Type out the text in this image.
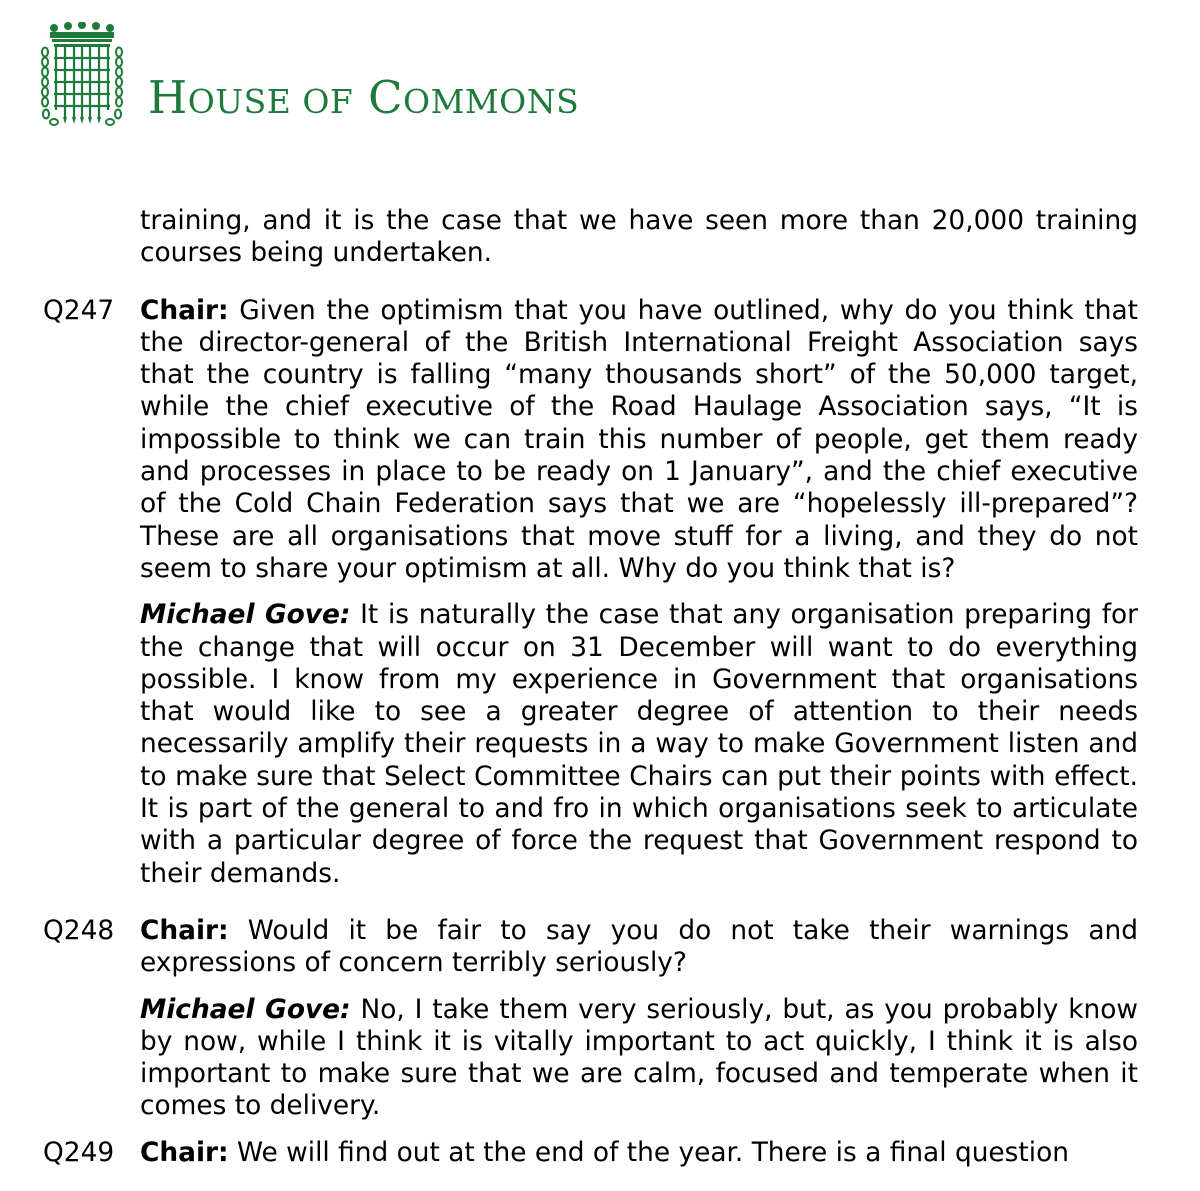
HOUSE OF COMMONS

training, and it is the case that we have seen more than 20,000 training courses being undertaken.

Q247 Chair: Given the optimism that you have outlined, why do you think that the director-general of the British International Freight Association says that the country is falling “many thousands short” of the 50,000 target, while the chief executive of the Road Haulage Association says, “It is impossible to think we can train this number of people, get them ready and processes in place to be ready on 1 January”, and the chief executive of the Cold Chain Federation says that we are “hopelessly ill-prepared”? These are all organisations that move stuff for a living, and they do not seem to share your optimism at all. Why do you think that is?

Michael Gove: It is naturally the case that any organisation preparing for the change that will occur on 31 December will want to do everything possible. I know from my experience in Government that organisations that would like to see a greater degree of attention to their needs necessarily amplify their requests in a way to make Government listen and to make sure that Select Committee Chairs can put their points with effect. It is part of the general to and fro in which organisations seek to articulate with a particular degree of force the request that Government respond to their demands.

Q248 Chair: Would it be fair to say you do not take their warnings and expressions of concern terribly seriously?

Michael Gove: No, I take them very seriously, but, as you probably know by now, while I think it is vitally important to act quickly, I think it is also important to make sure that we are calm, focused and temperate when it comes to delivery.

Q249 Chair: We will find out at the end of the year. There is a final question
